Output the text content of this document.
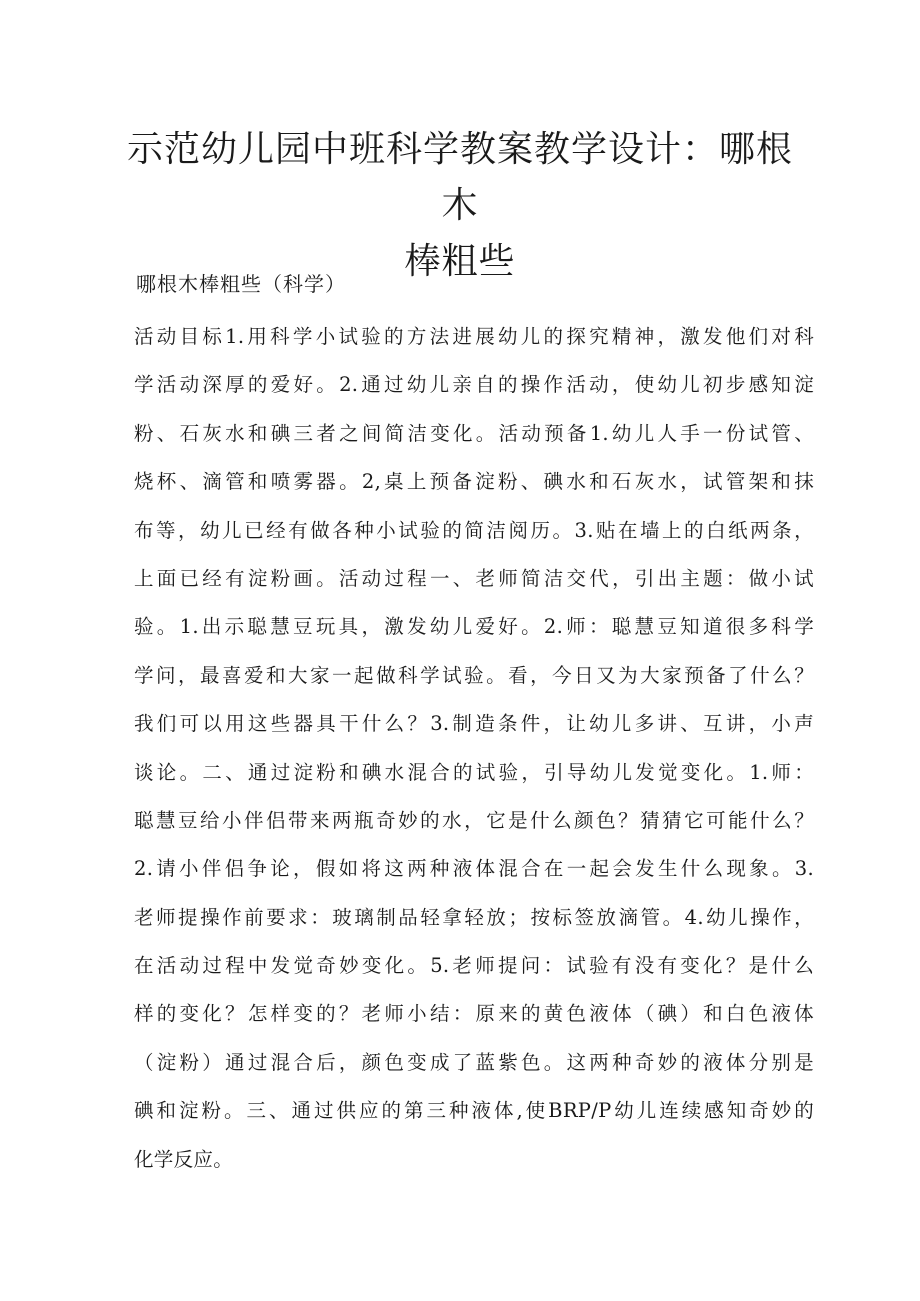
示范幼儿园中班科学教案教学设计：哪根木
棒粗些

哪根木棒粗些（科学）

活动目标1.用科学小试验的方法进展幼儿的探究精神，激发他们对科
学活动深厚的爱好。2.通过幼儿亲自的操作活动，使幼儿初步感知淀
粉、石灰水和碘三者之间简洁变化。活动预备1.幼儿人手一份试管、
烧杯、滴管和喷雾器。2,桌上预备淀粉、碘水和石灰水，试管架和抹
布等，幼儿已经有做各种小试验的简洁阅历。3.贴在墙上的白纸两条，
上面已经有淀粉画。活动过程一、老师简洁交代，引出主题：做小试
验。1.出示聪慧豆玩具，激发幼儿爱好。2.师：聪慧豆知道很多科学
学问，最喜爱和大家一起做科学试验。看，今日又为大家预备了什么？
我们可以用这些器具干什么？3.制造条件，让幼儿多讲、互讲，小声
谈论。二、通过淀粉和碘水混合的试验，引导幼儿发觉变化。1.师：
聪慧豆给小伴侣带来两瓶奇妙的水，它是什么颜色？猜猜它可能什么？
2.请小伴侣争论，假如将这两种液体混合在一起会发生什么现象。3.
老师提操作前要求：玻璃制品轻拿轻放；按标签放滴管。4.幼儿操作，
在活动过程中发觉奇妙变化。5.老师提问：试验有没有变化？是什么
样的变化？怎样变的？老师小结：原来的黄色液体（碘）和白色液体
（淀粉）通过混合后，颜色变成了蓝紫色。这两种奇妙的液体分别是
碘和淀粉。三、通过供应的第三种液体,使BRP/P幼儿连续感知奇妙的
化学反应。
